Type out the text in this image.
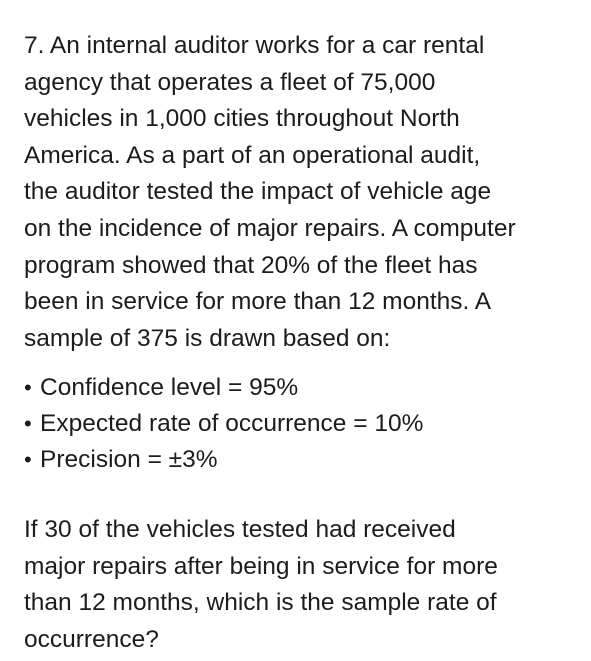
7. An internal auditor works for a car rental
agency that operates a fleet of 75,000
vehicles in 1,000 cities throughout North
America. As a part of an operational audit,
the auditor tested the impact of vehicle age
on the incidence of major repairs. A computer
program showed that 20% of the fleet has
been in service for more than 12 months. A
sample of 375 is drawn based on:

• Confidence level = 95%
• Expected rate of occurrence = 10%
• Precision = ±3%

If 30 of the vehicles tested had received
major repairs after being in service for more
than 12 months, which is the sample rate of
occurrence?
